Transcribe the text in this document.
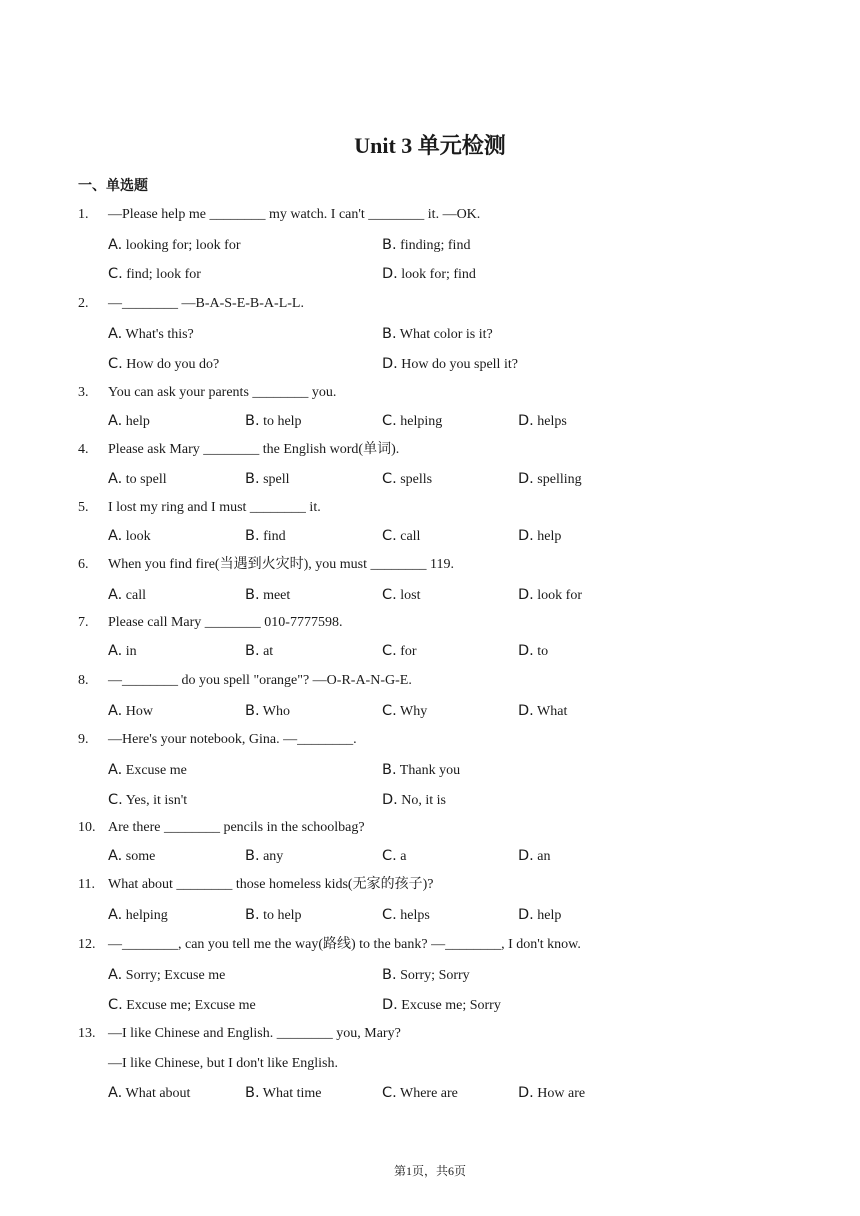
Unit 3 单元检测
一、单选题
1.	—Please help me ________ my watch. I can't ________ it. —OK.
A. looking for; look for	B. finding; find
C. find; look for	D. look for; find
2.	—________ —B-A-S-E-B-A-L-L.
A. What's this?	B. What color is it?
C. How do you do?	D. How do you spell it?
3.	You can ask your parents ________ you.
A. help	B. to help	C. helping	D. helps
4.	Please ask Mary ________ the English word(单词).
A. to spell	B. spell	C. spells	D. spelling
5.	I lost my ring and I must ________ it.
A. look	B. find	C. call	D. help
6.	When you find fire(当遇到火灾时), you must ________ 119.
A. call	B. meet	C. lost	D. look for
7.	Please call Mary ________ 010-7777598.
A. in	B. at	C. for	D. to
8.	—________ do you spell "orange"? —O-R-A-N-G-E.
A. How	B. Who	C. Why	D. What
9.	—Here's your notebook, Gina. —________.
A. Excuse me	B. Thank you
C. Yes, it isn't	D. No, it is
10. Are there ________ pencils in the schoolbag?
A. some	B. any	C. a	D. an
11. What about ________ those homeless kids(无家的孩子)?
A. helping	B. to help	C. helps	D. help
12. —________, can you tell me the way(路线) to the bank? —________, I don't know.
A. Sorry; Excuse me	B. Sorry; Sorry
C. Excuse me; Excuse me	D. Excuse me; Sorry
13. —I like Chinese and English. ________ you, Mary?
—I like Chinese, but I don't like English.
A. What about	B. What time	C. Where are	D. How are
第1页，共6页
